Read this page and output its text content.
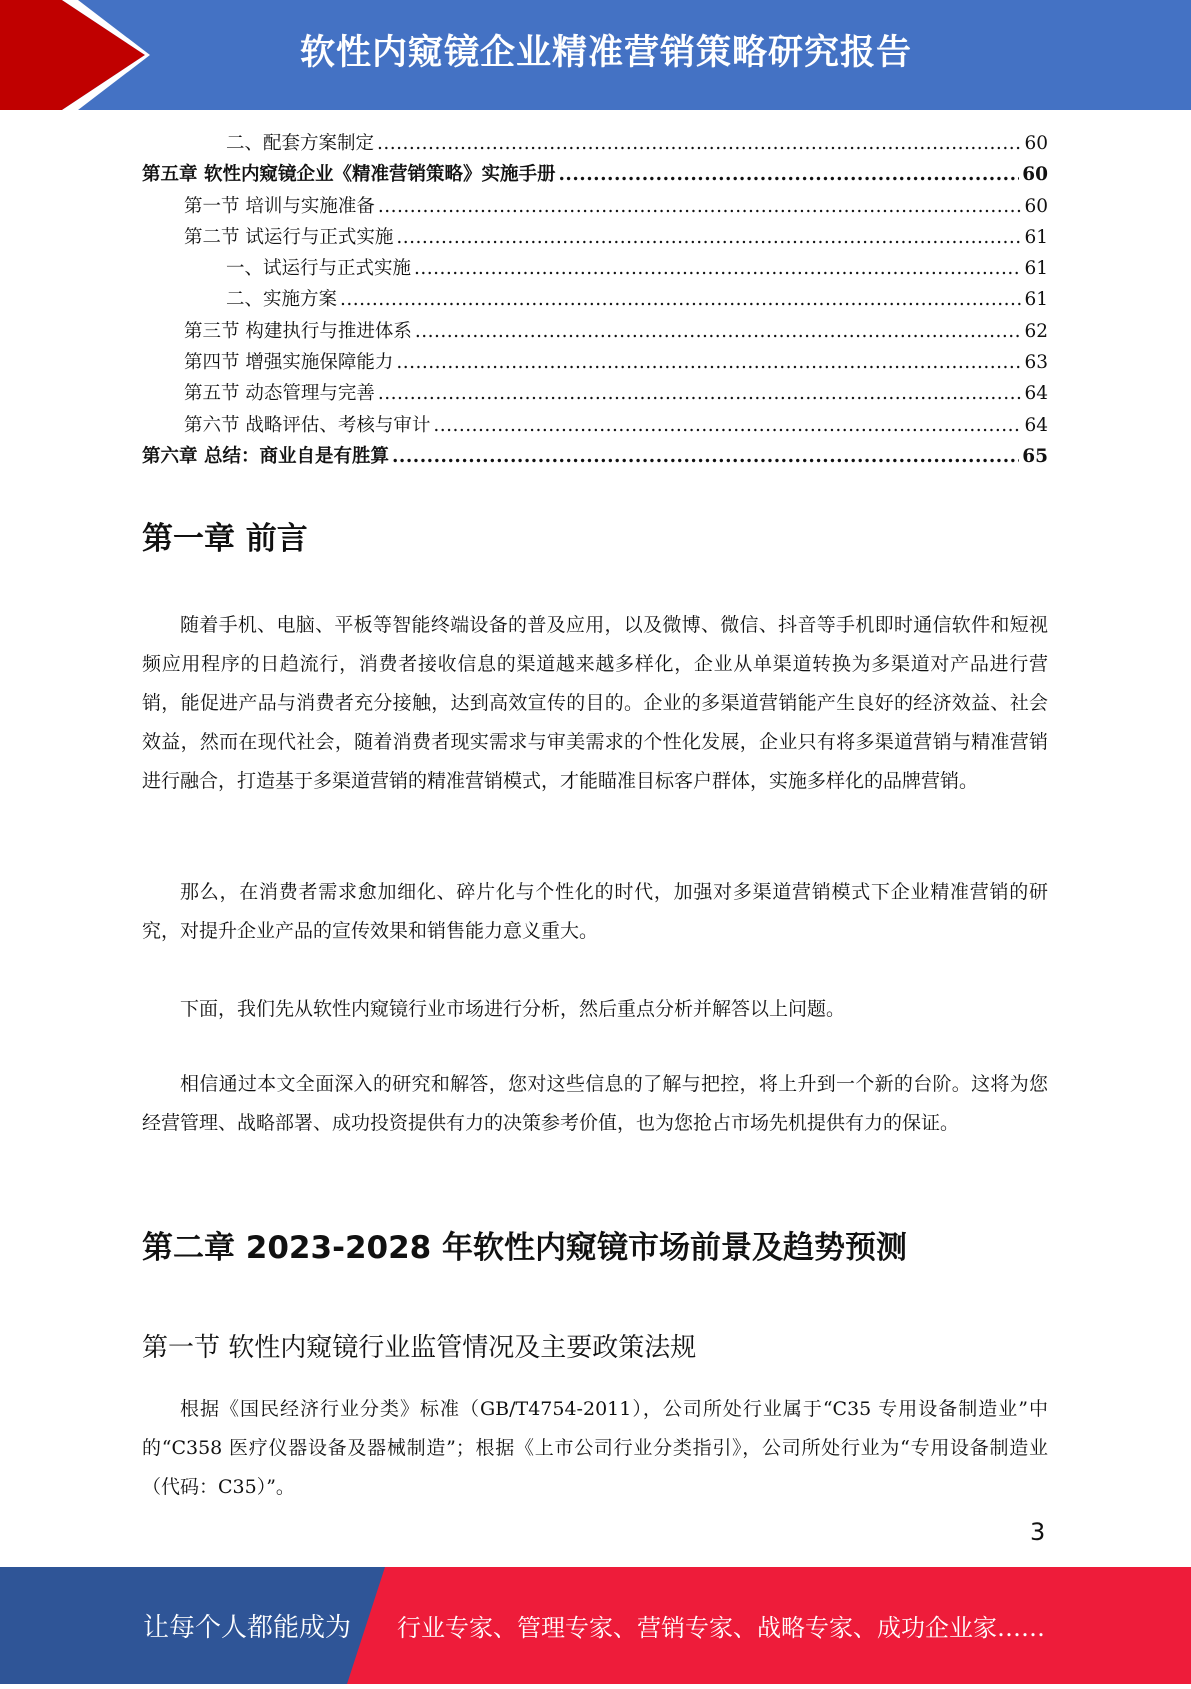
软性内窥镜企业精准营销策略研究报告
二、配套方案制定 .....	60
第五章 软性内窥镜企业《精准营销策略》实施手册 .....	60
第一节 培训与实施准备 .....	60
第二节 试运行与正式实施 .....	61
一、试运行与正式实施 .....	61
二、实施方案 .....	61
第三节 构建执行与推进体系 .....	62
第四节 增强实施保障能力 .....	63
第五节 动态管理与完善 .....	64
第六节 战略评估、考核与审计 .....	64
第六章 总结：商业自是有胜算 .....	65
第一章 前言

随着手机、电脑、平板等智能终端设备的普及应用，以及微博、微信、抖音等手机即时通信软件和短视频应用程序的日趋流行，消费者接收信息的渠道越来越多样化，企业从单渠道转换为多渠道对产品进行营销，能促进产品与消费者充分接触，达到高效宣传的目的。企业的多渠道营销能产生良好的经济效益、社会效益，然而在现代社会，随着消费者现实需求与审美需求的个性化发展，企业只有将多渠道营销与精准营销进行融合，打造基于多渠道营销的精准营销模式，才能瞄准目标客户群体，实施多样化的品牌营销。

那么，在消费者需求愈加细化、碎片化与个性化的时代，加强对多渠道营销模式下企业精准营销的研究，对提升企业产品的宣传效果和销售能力意义重大。

下面，我们先从软性内窥镜行业市场进行分析，然后重点分析并解答以上问题。

相信通过本文全面深入的研究和解答，您对这些信息的了解与把控，将上升到一个新的台阶。这将为您经营管理、战略部署、成功投资提供有力的决策参考价值，也为您抢占市场先机提供有力的保证。

第二章 2023-2028 年软性内窥镜市场前景及趋势预测
第一节 软性内窥镜行业监管情况及主要政策法规

根据《国民经济行业分类》标准（GB/T4754-2011），公司所处行业属于“C35 专用设备制造业”中的“C358 医疗仪器设备及器械制造”；根据《上市公司行业分类指引》，公司所处行业为“专用设备制造业（代码：C35）”。

3
让每个人都能成为 行业专家、管理专家、营销专家、战略专家、成功企业家……
